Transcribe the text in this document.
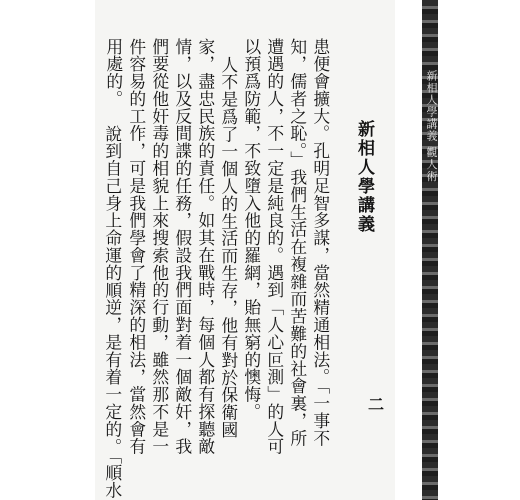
新相人學講義
二
患便會擴大。孔明足智多謀，當然精通相法。「一事不
知，儒者之恥。」我們生活在複雜而苦難的社會裏，所
遭遇的人，不一定是純良的。遇到「人心叵測」的人可
以預爲防範，不致墮入他的羅網，貽無窮的懊悔。
人不是爲了一個人的生活而生存，他有對於保衛國
家，盡忠民族的責任。如其在戰時，每個人都有探聽敵
情，以及反間諜的任務，假設我們面對着一個敵奸，我
們要從他奸毒的相貌上來搜索他的行動，雖然那不是一
件容易的工作，可是我們學會了精深的相法，當然會有
用處的。
說到自己身上命運的順逆，是有着一定的。「順水	新相人學講義 觀人術
